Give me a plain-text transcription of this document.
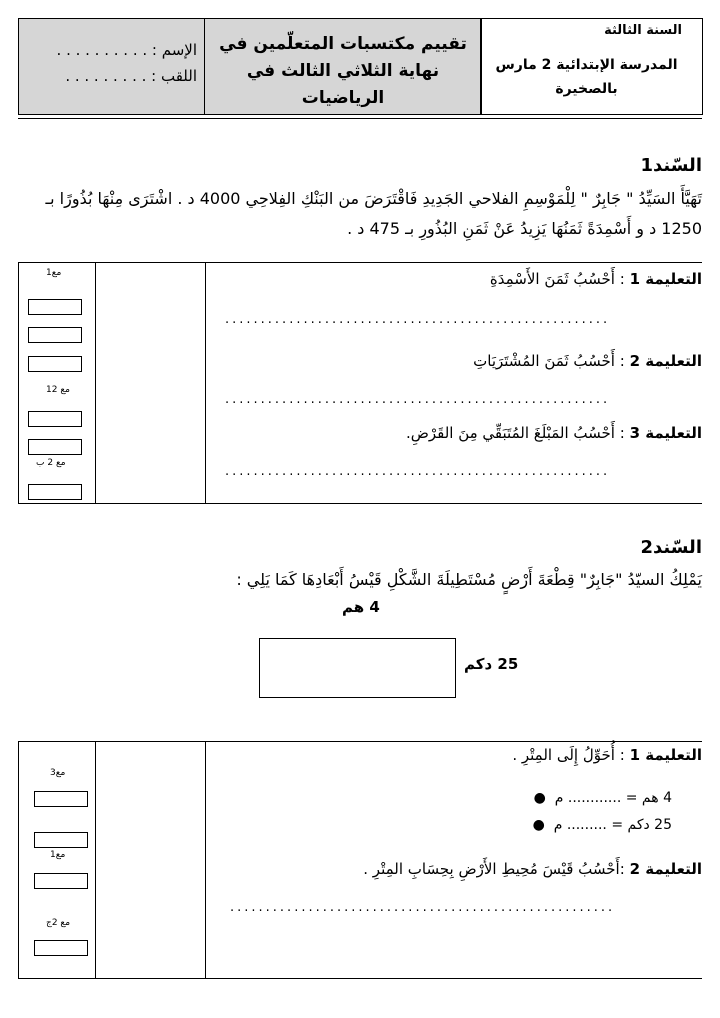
الإسم : . . . . . . . . . .
اللقب : . . . . . . . . .
تقييم مكتسبات المتعلّمين في نهاية الثلاثي الثالث في الرياضيات
السنة الثالثة
المدرسة الإبتدائية 2 مارس بالصخيرة
السّند1
تَهَيَّأَ السَيِّدُ " جَابِرٌ " لِلْمَوْسِمِ الفلاحي الجَدِيدِ فَاقْتَرَضَ من البَنْكِ الفِلاحِي 4000 د . اشْتَرَى مِنْهَا بُذُورًا بـ
1250 د و أَسْمِدَةً ثَمَنُهَا يَزِيدُ عَنْ ثَمَنِ البُذُورِ بـ 475 د .
التعليمة 1 : أَحْسُبُ ثَمَنَ الأَسْمِدَةِ
......................................................
التعليمة 2 : أَحْسُبُ ثَمَنَ المُشْتَرَيَاتِ
......................................................
التعليمة 3 : أَحْسُبُ المَبْلَغَ المُتَبَقِّي مِنَ القَرْضِ.
......................................................
مع1
مع 12
مع 2 ب
السّند2
يَمْلِكُ السيّدُ "جَابِرٌ" قِطْعَةَ أَرْضٍ مُسْتَطِيلَةَ الشَّكْلِ قَيْسُ أَبْعَادِهَا كَمَا يَلِي :
4 هم
25 دكم
التعليمة 1 : أُحَوِّلُ إِلَى المِتْرِ .
4 هم = ............ م  ●
25 دكم = ......... م  ●
التعليمة 2 :أَحْسُبُ قَيْسَ مُحِيطِ الأَرْضِ بِحِسَابِ المِتْرِ .
......................................................
مع3
مع1
مع 2ج
